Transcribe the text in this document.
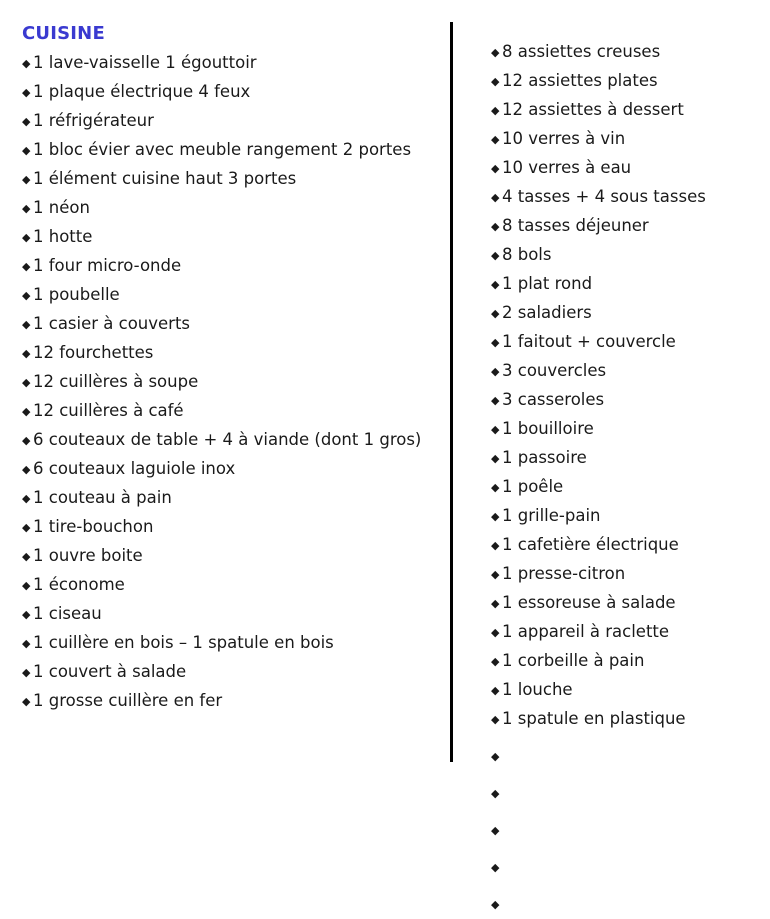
CUISINE
◆ 1 lave-vaisselle 1 égouttoir
◆ 1 plaque électrique 4 feux
◆ 1 réfrigérateur
◆ 1 bloc évier avec meuble rangement 2 portes
◆ 1 élément cuisine haut 3 portes
◆ 1 néon
◆ 1 hotte
◆ 1 four micro-onde
◆ 1 poubelle
◆ 1 casier à couverts
◆ 12 fourchettes
◆ 12 cuillères à soupe
◆ 12 cuillères à café
◆ 6 couteaux de table + 4 à viande (dont 1 gros)
◆ 6 couteaux laguiole inox
◆ 1 couteau à pain
◆ 1 tire-bouchon
◆ 1 ouvre boite
◆ 1 économe
◆ 1 ciseau
◆ 1 cuillère en bois – 1 spatule en bois
◆ 1 couvert à salade
◆ 1 grosse cuillère en fer
◆ 8 assiettes creuses
◆ 12 assiettes plates
◆ 12 assiettes à dessert
◆ 10 verres à vin
◆ 10 verres à eau
◆ 4 tasses + 4 sous tasses
◆ 8 tasses déjeuner
◆ 8 bols
◆ 1 plat rond
◆ 2 saladiers
◆ 1 faitout + couvercle
◆ 3 couvercles
◆ 3 casseroles
◆ 1 bouilloire
◆ 1 passoire
◆ 1 poêle
◆ 1 grille-pain
◆ 1 cafetière électrique
◆ 1 presse-citron
◆ 1 essoreuse à salade
◆ 1 appareil à raclette
◆ 1 corbeille à pain
◆ 1 louche
◆ 1 spatule en plastique
◆
◆
◆
◆
◆
